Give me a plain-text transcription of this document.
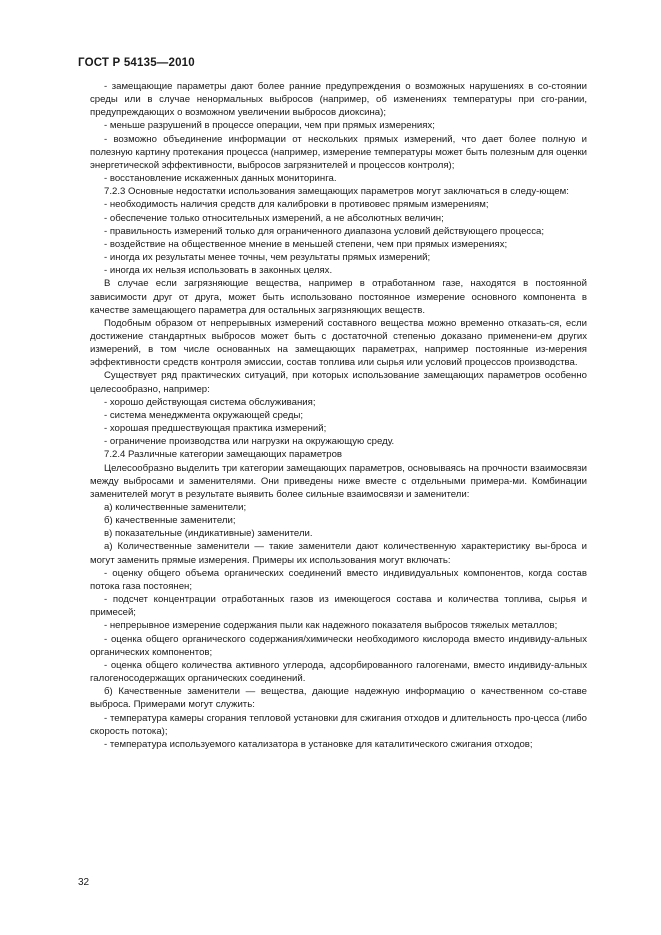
ГОСТ Р 54135—2010

- замещающие параметры дают более ранние предупреждения о возможных нарушениях в со-стоянии среды или в случае ненормальных выбросов (например, об изменениях температуры при сго-рании, предупреждающих о возможном увеличении выбросов диоксина);

- меньше разрушений в процессе операции, чем при прямых измерениях;

- возможно объединение информации от нескольких прямых измерений, что дает более полную и полезную картину протекания процесса (например, измерение температуры может быть полезным для оценки энергетической эффективности, выбросов загрязнителей и процессов контроля);

- восстановление искаженных данных мониторинга.

7.2.3 Основные недостатки использования замещающих параметров могут заключаться в следу-ющем:

- необходимость наличия средств для калибровки в противовес прямым измерениям;

- обеспечение только относительных измерений, а не абсолютных величин;

- правильность измерений только для ограниченного диапазона условий действующего процесса;

- воздействие на общественное мнение в меньшей степени, чем при прямых измерениях;

- иногда их результаты менее точны, чем результаты прямых измерений;

- иногда их нельзя использовать в законных целях.

В случае если загрязняющие вещества, например в отработанном газе, находятся в постоянной зависимости друг от друга, может быть использовано постоянное измерение основного компонента в качестве замещающего параметра для остальных загрязняющих веществ.

Подобным образом от непрерывных измерений составного вещества можно временно отказать-ся, если достижение стандартных выбросов может быть с достаточной степенью доказано применени-ем других измерений, в том числе основанных на замещающих параметрах, например постоянные из-мерения эффективности средств контроля эмиссии, состав топлива или сырья или условий процессов производства.

Существует ряд практических ситуаций, при которых использование замещающих параметров особенно целесообразно, например:

- хорошо действующая система обслуживания;

- система менеджмента окружающей среды;

- хорошая предшествующая практика измерений;

- ограничение производства или нагрузки на окружающую среду.

7.2.4 Различные категории замещающих параметров

Целесообразно выделить три категории замещающих параметров, основываясь на прочности взаимосвязи между выбросами и заменителями. Они приведены ниже вместе с отдельными примера-ми. Комбинации заменителей могут в результате выявить более сильные взаимосвязи и заменители:

а) количественные заменители;

б) качественные заменители;

в) показательные (индикативные) заменители.

а) Количественные заменители — такие заменители дают количественную характеристику вы-броса и могут заменить прямые измерения. Примеры их использования могут включать:

- оценку общего объема органических соединений вместо индивидуальных компонентов, когда состав потока газа постоянен;

- подсчет концентрации отработанных газов из имеющегося состава и количества топлива, сырья и примесей;

- непрерывное измерение содержания пыли как надежного показателя выбросов тяжелых металлов;

- оценка общего органического содержания/химически необходимого кислорода вместо индивиду-альных органических компонентов;

- оценка общего количества активного углерода, адсорбированного галогенами, вместо индивиду-альных галогеносодержащих органических соединений.

б) Качественные заменители — вещества, дающие надежную информацию о качественном со-ставе выброса. Примерами могут служить:

- температура камеры сгорания тепловой установки для сжигания отходов и длительность про-цесса (либо скорость потока);

- температура используемого катализатора в установке для каталитического сжигания отходов;

32
